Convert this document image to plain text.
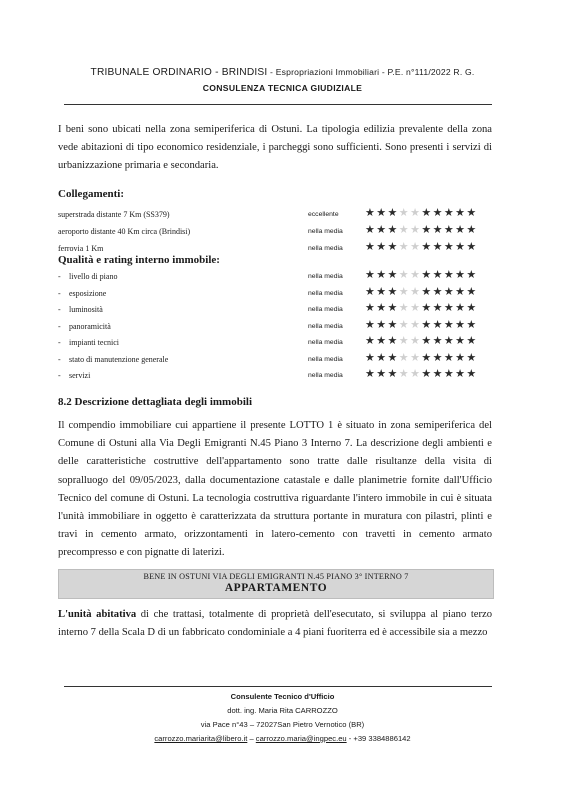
TRIBUNALE ORDINARIO - BRINDISI - Espropriazioni Immobiliari - P.E. n°111/2022 R. G.
CONSULENZA TECNICA GIUDIZIALE

I beni sono ubicati nella zona semiperiferica di Ostuni. La tipologia edilizia prevalente della zona vede abitazioni di tipo economico residenziale, i parcheggi sono sufficienti. Sono presenti i servizi di urbanizzazione primaria e secondaria.

Collegamenti:
superstrada distante 7 Km (SS379)	eccellente ★★★★★★★★★★
aeroporto distante 40 Km circa (Brindisi)	nella media ★★★★★★★★★★
ferrovia 1 Km	nella media ★★★★★★★★★★
Qualità e rating interno immobile:
- livello di piano	nella media ★★★★★★★★★★
- esposizione	nella media ★★★★★★★★★★
- luminosità	nella media ★★★★★★★★★★
- panoramicità	nella media ★★★★★★★★★★
- impianti tecnici	nella media ★★★★★★★★★★
- stato di manutenzione generale	nella media ★★★★★★★★★★
- servizi	nella media ★★★★★★★★★★
8.2 Descrizione dettagliata degli immobili

Il compendio immobiliare cui appartiene il presente LOTTO 1 è situato in zona semiperiferica del Comune di Ostuni alla Via Degli Emigranti N.45 Piano 3 Interno 7. La descrizione degli ambienti e delle caratteristiche costruttive dell'appartamento sono tratte dalle risultanze della visita di sopralluogo del 09/05/2023, dalla documentazione catastale e dalle planimetrie fornite dall'Ufficio Tecnico del comune di Ostuni. La tecnologia costruttiva riguardante l'intero immobile in cui è situata l'unità immobiliare in oggetto è caratterizzata da struttura portante in muratura con pilastri, plinti e travi in cemento armato, orizzontamenti in latero-cemento con travetti in cemento armato precompresso e con pignatte di laterizi.

BENE IN OSTUNI VIA DEGLI EMIGRANTI N.45 PIANO 3° INTERNO 7
APPARTAMENTO

L'unità abitativa di che trattasi, totalmente di proprietà dell'esecutato, si sviluppa al piano terzo interno 7 della Scala D di un fabbricato condominiale a 4 piani fuoriterra ed è accessibile sia a mezzo

Consulente Tecnico d'Ufficio
dott. ing. Maria Rita CARROZZO
via Pace n°43 – 72027San Pietro Vernotico (BR)
carrozzo.mariarita@libero.it – carrozzo.maria@ingpec.eu - +39 3384886142
